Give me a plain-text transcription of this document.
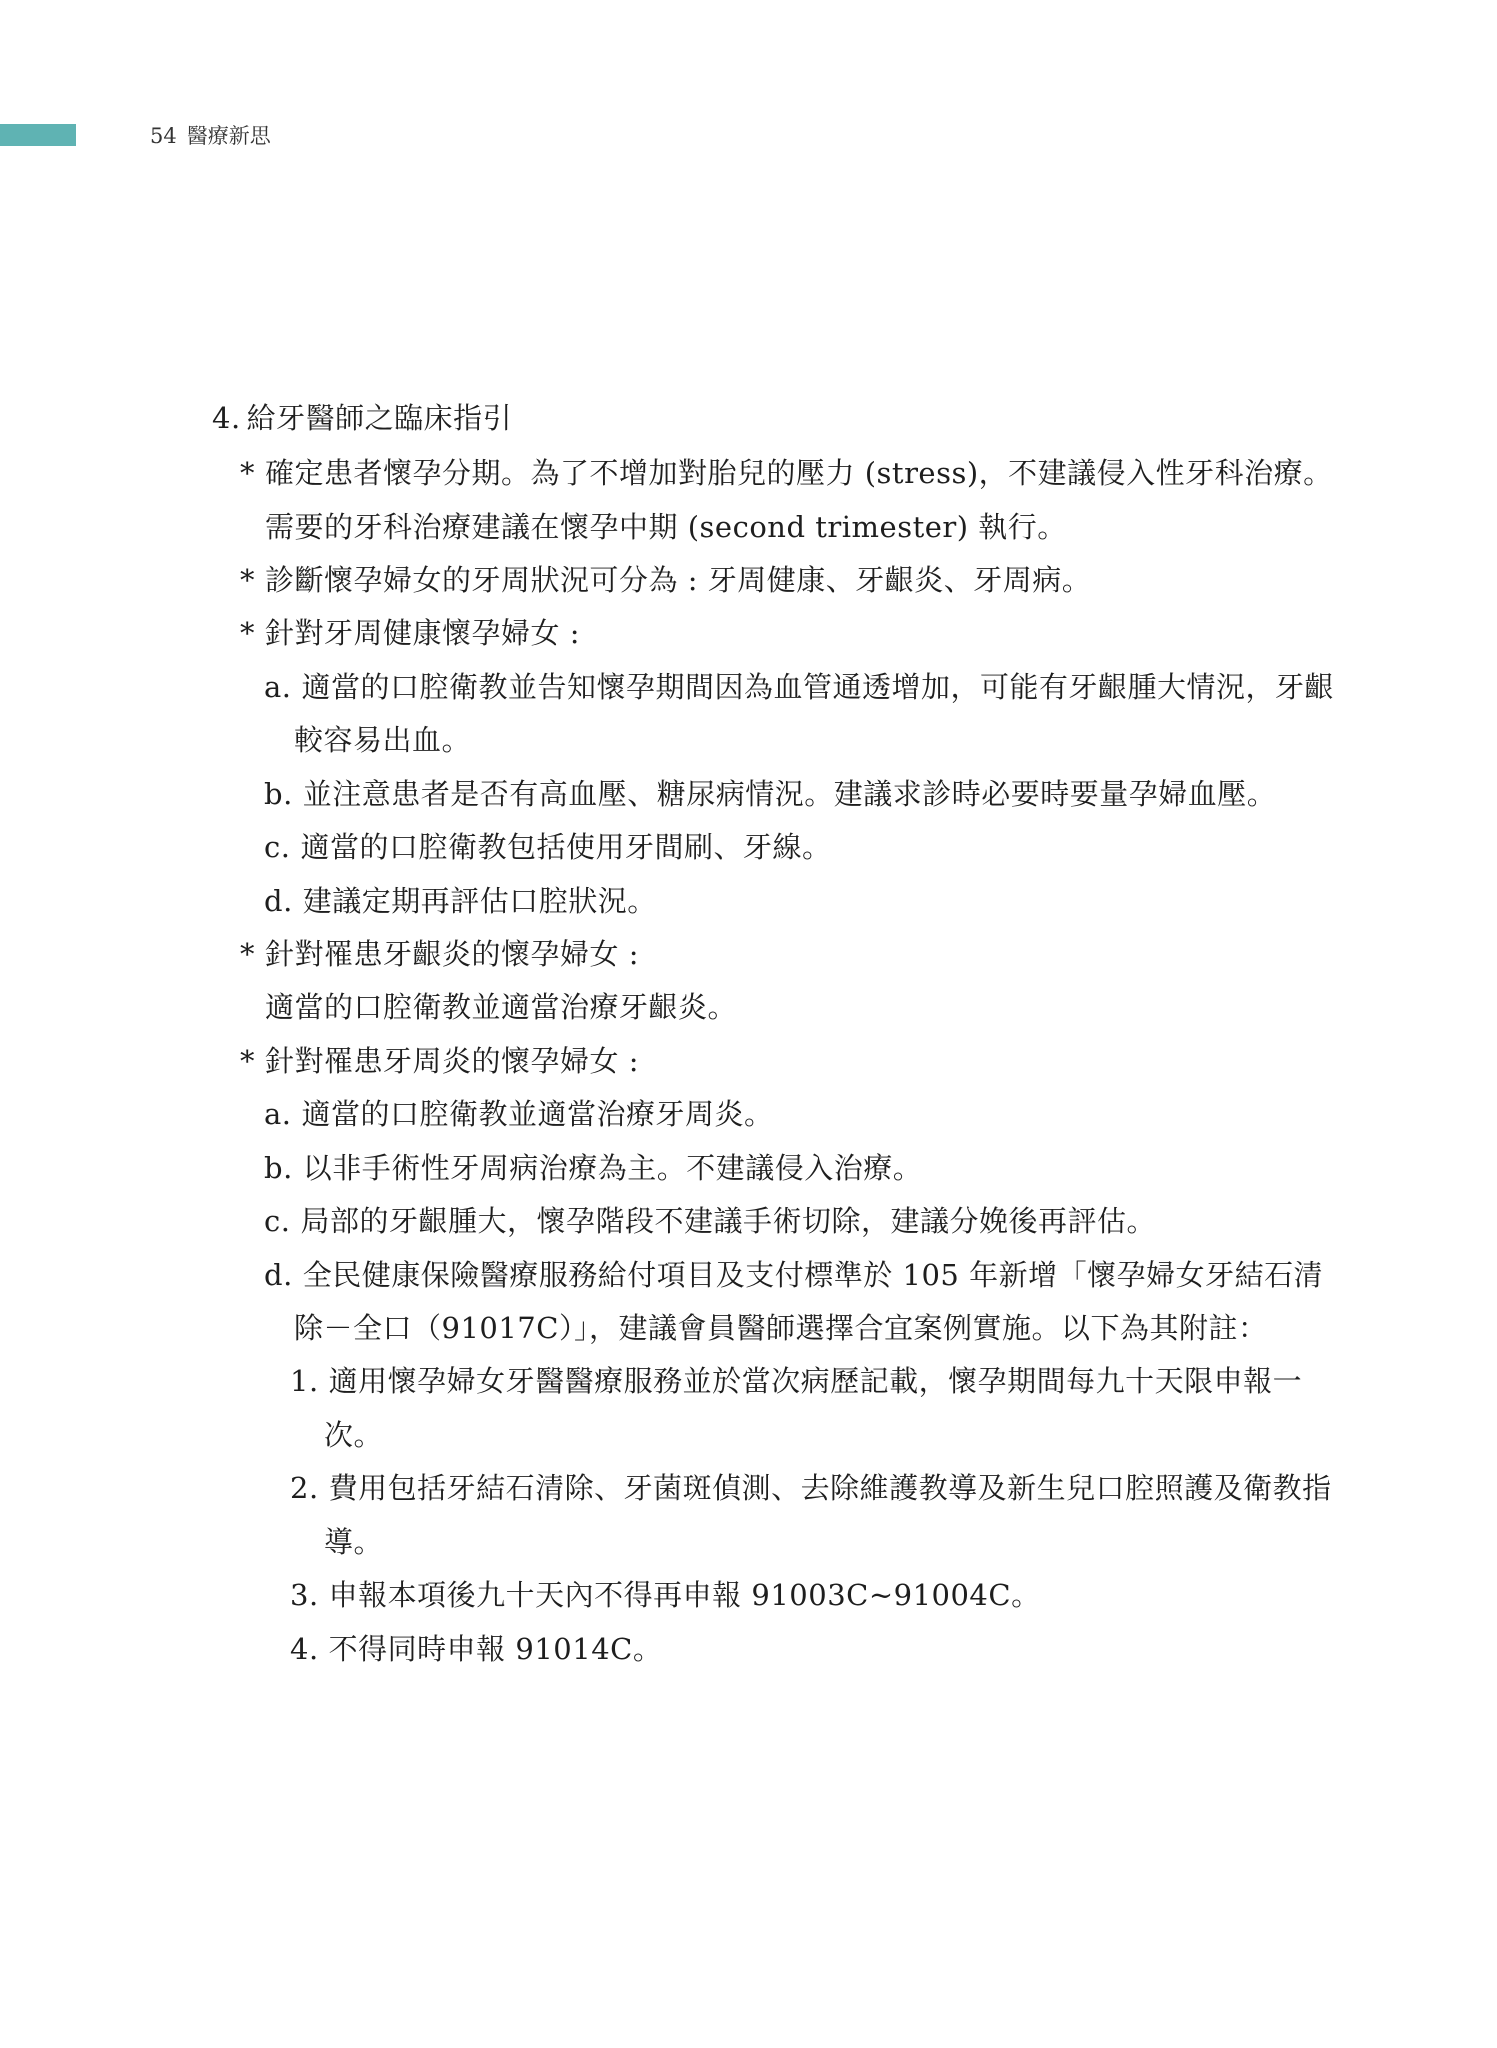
54 醫療新思
4. 給牙醫師之臨床指引
* 確定患者懷孕分期。為了不增加對胎兒的壓力 (stress)，不建議侵入性牙科治療。
需要的牙科治療建議在懷孕中期 (second trimester) 執行。
* 診斷懷孕婦女的牙周狀況可分為 : 牙周健康、牙齦炎、牙周病。
* 針對牙周健康懷孕婦女 :
a. 適當的口腔衛教並告知懷孕期間因為血管通透增加，可能有牙齦腫大情況，牙齦
較容易出血。
b. 並注意患者是否有高血壓、糖尿病情況。建議求診時必要時要量孕婦血壓。
c. 適當的口腔衛教包括使用牙間刷、牙線。
d. 建議定期再評估口腔狀況。
* 針對罹患牙齦炎的懷孕婦女 :
適當的口腔衛教並適當治療牙齦炎。
* 針對罹患牙周炎的懷孕婦女 :
a. 適當的口腔衛教並適當治療牙周炎。
b. 以非手術性牙周病治療為主。不建議侵入治療。
c. 局部的牙齦腫大，懷孕階段不建議手術切除，建議分娩後再評估。
d. 全民健康保險醫療服務給付項目及支付標準於 105 年新增「懷孕婦女牙結石清
除－全口（91017C）」，建議會員醫師選擇合宜案例實施。以下為其附註：
1. 適用懷孕婦女牙醫醫療服務並於當次病歷記載，懷孕期間每九十天限申報一
次。
2. 費用包括牙結石清除、牙菌斑偵測、去除維護教導及新生兒口腔照護及衛教指
導。
3. 申報本項後九十天內不得再申報 91003C~91004C。
4. 不得同時申報 91014C。
